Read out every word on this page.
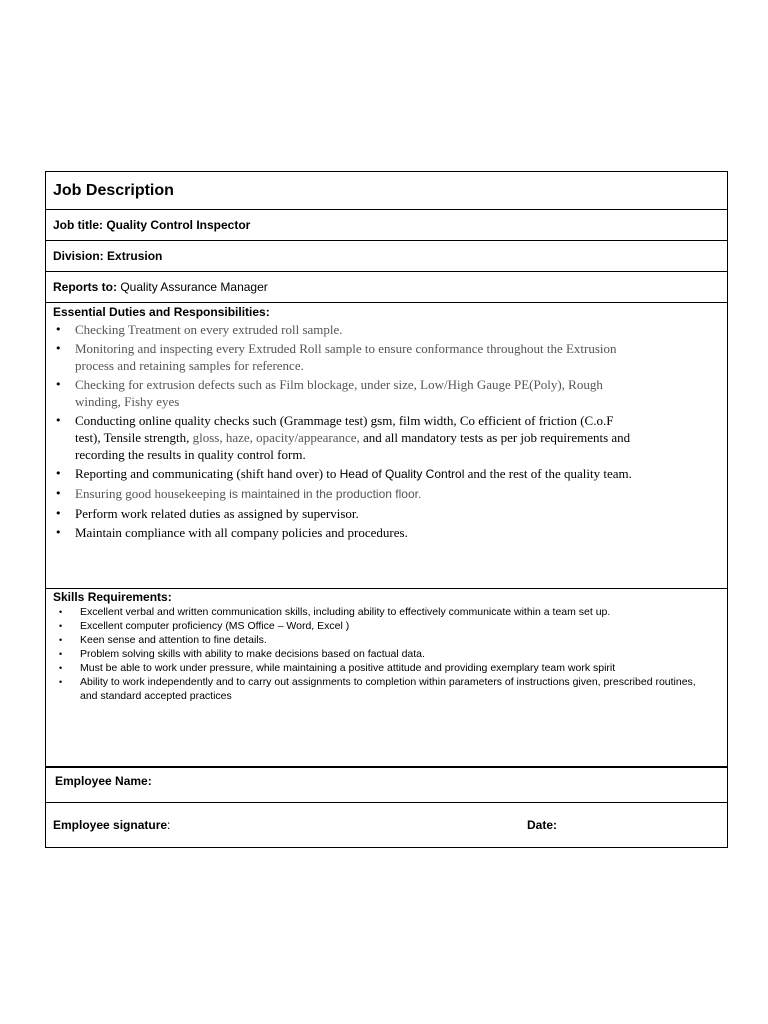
Job Description
Job title:
Quality Control Inspector
Division:
Extrusion
Reports to:
Quality Assurance Manager
Essential Duties and Responsibilities:
• Checking Treatment on every extruded roll sample.
• Monitoring and inspecting every Extruded Roll sample to ensure conformance throughout the Extrusion process and retaining samples for reference.
• Checking for extrusion defects such as Film blockage, under size, Low/High Gauge PE(Poly), Rough winding, Fishy eyes
• Conducting online quality checks such (Grammage test) gsm, film width, Co efficient of friction (C.o.F test), Tensile strength, gloss, haze, opacity/appearance, and all mandatory tests as per job requirements and recording the results in quality control form.
• Reporting and communicating (shift hand over) to Head of Quality Control and the rest of the quality team.
• Ensuring good housekeeping is maintained in the production floor.
• Perform work related duties as assigned by supervisor.
• Maintain compliance with all company policies and procedures.
Skills Requirements:
• Excellent verbal and written communication skills, including ability to effectively communicate within a team set up.
• Excellent computer proficiency (MS Office – Word, Excel )
• Keen sense and attention to fine details.
• Problem solving skills with ability to make decisions based on factual data.
• Must be able to work under pressure, while maintaining a positive attitude and providing exemplary team work spirit
• Ability to work independently and to carry out assignments to completion within parameters of instructions given, prescribed routines, and standard accepted practices
Employee Name:
Employee signature :	Date:
